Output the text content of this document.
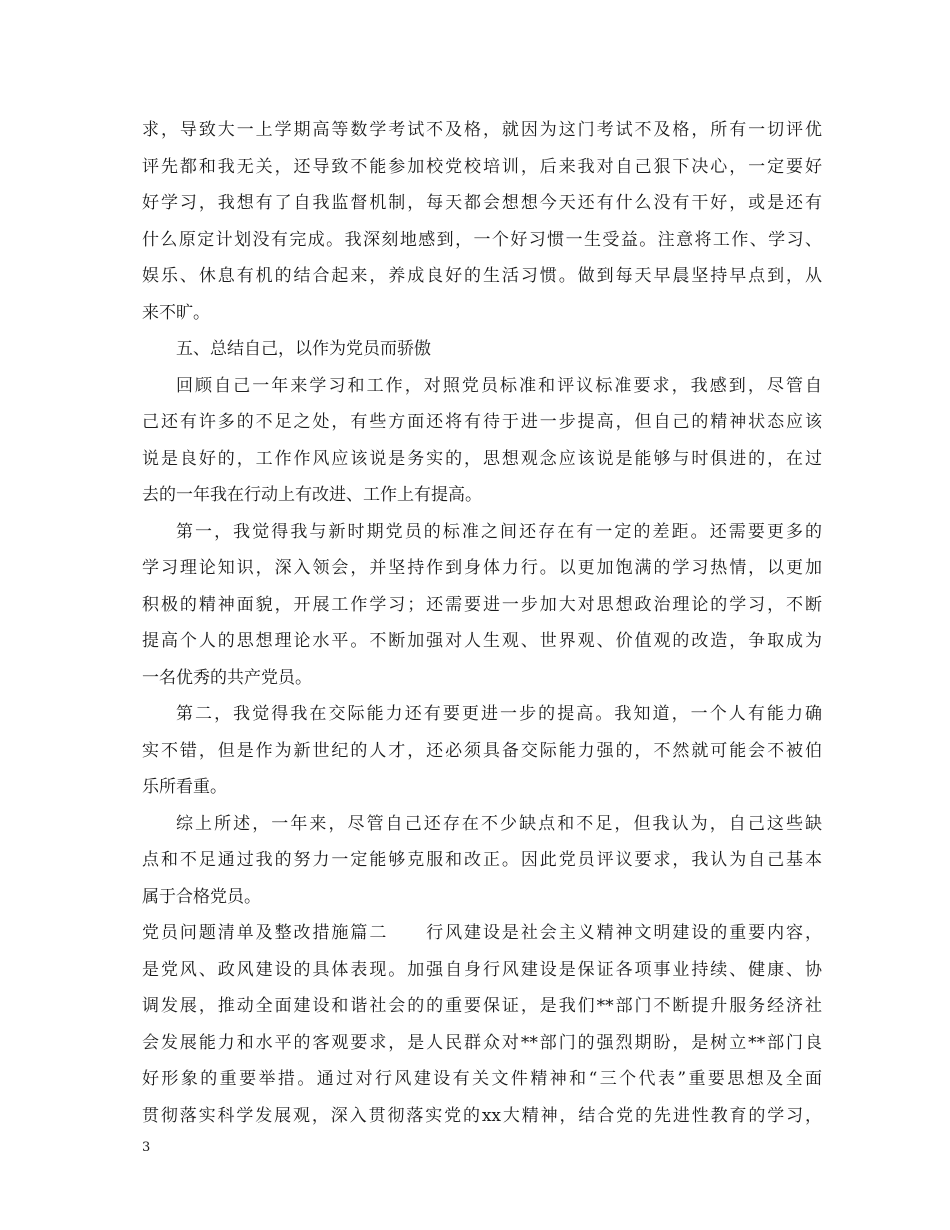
求，导致大一上学期高等数学考试不及格，就因为这门考试不及格，所有一切评优
评先都和我无关，还导致不能参加校党校培训，后来我对自己狠下决心，一定要好
好学习，我想有了自我监督机制，每天都会想想今天还有什么没有干好，或是还有
什么原定计划没有完成。我深刻地感到，一个好习惯一生受益。注意将工作、学习、
娱乐、休息有机的结合起来，养成良好的生活习惯。做到每天早晨坚持早点到，从
来不旷。
五、总结自己，以作为党员而骄傲
回顾自己一年来学习和工作，对照党员标准和评议标准要求，我感到，尽管自
己还有许多的不足之处，有些方面还将有待于进一步提高，但自己的精神状态应该
说是良好的，工作作风应该说是务实的，思想观念应该说是能够与时俱进的，在过
去的一年我在行动上有改进、工作上有提高。
第一，我觉得我与新时期党员的标准之间还存在有一定的差距。还需要更多的
学习理论知识，深入领会，并坚持作到身体力行。以更加饱满的学习热情，以更加
积极的精神面貌，开展工作学习；还需要进一步加大对思想政治理论的学习，不断
提高个人的思想理论水平。不断加强对人生观、世界观、价值观的改造，争取成为
一名优秀的共产党员。
第二，我觉得我在交际能力还有要更进一步的提高。我知道，一个人有能力确
实不错，但是作为新世纪的人才，还必须具备交际能力强的，不然就可能会不被伯
乐所看重。
综上所述，一年来，尽管自己还存在不少缺点和不足，但我认为，自己这些缺
点和不足通过我的努力一定能够克服和改正。因此党员评议要求，我认为自己基本
属于合格党员。
党员问题清单及整改措施篇二　　行风建设是社会主义精神文明建设的重要内容，
是党风、政风建设的具体表现。加强自身行风建设是保证各项事业持续、健康、协
调发展，推动全面建设和谐社会的的重要保证，是我们**部门不断提升服务经济社
会发展能力和水平的客观要求，是人民群众对**部门的强烈期盼，是树立**部门良
好形象的重要举措。通过对行风建设有关文件精神和“三个代表”重要思想及全面
贯彻落实科学发展观，深入贯彻落实党的xx大精神，结合党的先进性教育的学习，
3
